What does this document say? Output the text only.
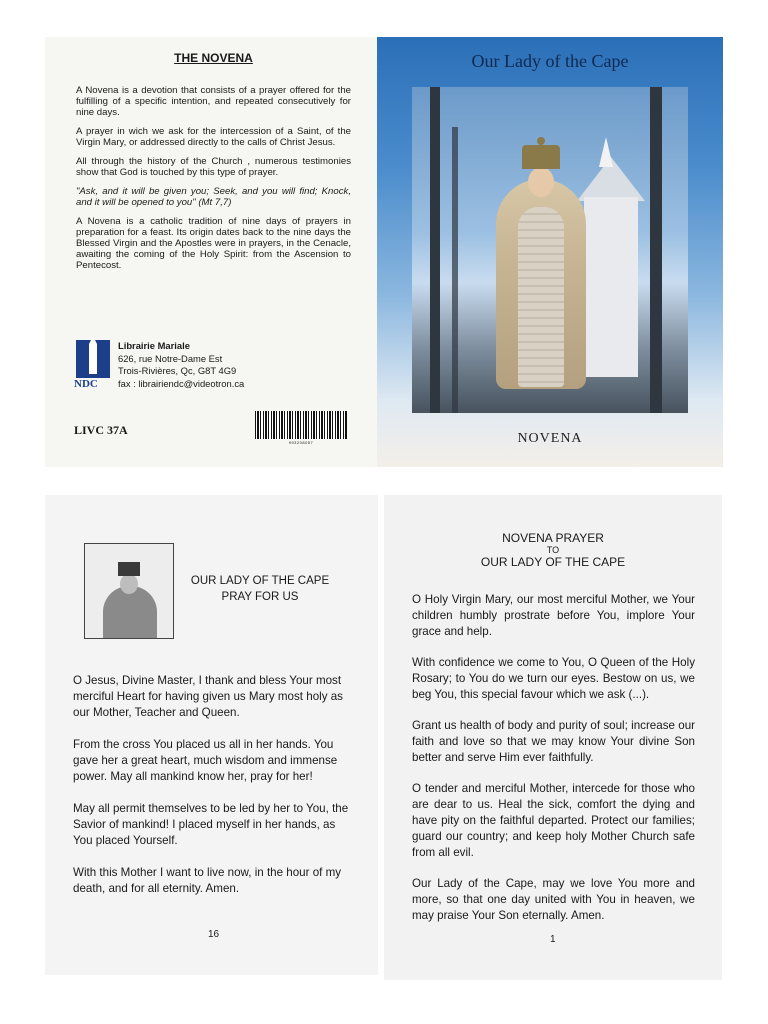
THE NOVENA

A Novena is a devotion that consists of a prayer offered for the fulfilling of a specific intention, and repeated consecutively for nine days.

A prayer in wich we ask for the intercession of a Saint, of the Virgin Mary, or addressed directly to the calls of Christ Jesus.

All through the history of the Church , numerous testimonies show that God is touched by this type of prayer.

"Ask, and it will be given you; Seek, and you will find; Knock, and it will be opened to you" (Mt 7,7)

A Novena is a catholic tradition of nine days of prayers in preparation for a feast. Its origin dates back to the nine days the Blessed Virgin and the Apostles were in prayers, in the Cenacle, awaiting the coming of the Holy Spirit: from the Ascension to Pentecost.

NDC
Librairie Mariale
626, rue Notre-Dame Est
Trois-Rivières, Qc, G8T 4G9
fax : librairiendc@videotron.ca
LIVC 37A
993208057
Our Lady of the Cape
NOVENA
OUR LADY OF THE CAPE
PRAY FOR US

O Jesus, Divine Master, I thank and bless Your most merciful Heart for having given us Mary most holy as our Mother, Teacher and Queen.

From the cross You placed us all in her hands. You gave her a great heart, much wisdom and immense power. May all mankind know her, pray for her!

May all permit themselves to be led by her to You, the Savior of mankind! I placed myself in her hands, as You placed Yourself.

With this Mother I want to live now, in the hour of my death, and for all eternity. Amen.

16
NOVENA PRAYER
TO
OUR LADY OF THE CAPE

O Holy Virgin Mary, our most merciful Mother, we Your children humbly prostrate before You, implore Your grace and help.

With confidence we come to You, O Queen of the Holy Rosary; to You do we turn our eyes. Bestow on us, we beg You, this special favour which we ask (...).

Grant us health of body and purity of soul; increase our faith and love so that we may know Your divine Son better and serve Him ever faithfully.

O tender and merciful Mother, intercede for those who are dear to us. Heal the sick, comfort the dying and have pity on the faithful departed. Protect our families; guard our country; and keep holy Mother Church safe from all evil.

Our Lady of the Cape, may we love You more and more, so that one day united with You in heaven, we may praise Your Son eternally. Amen.

1
